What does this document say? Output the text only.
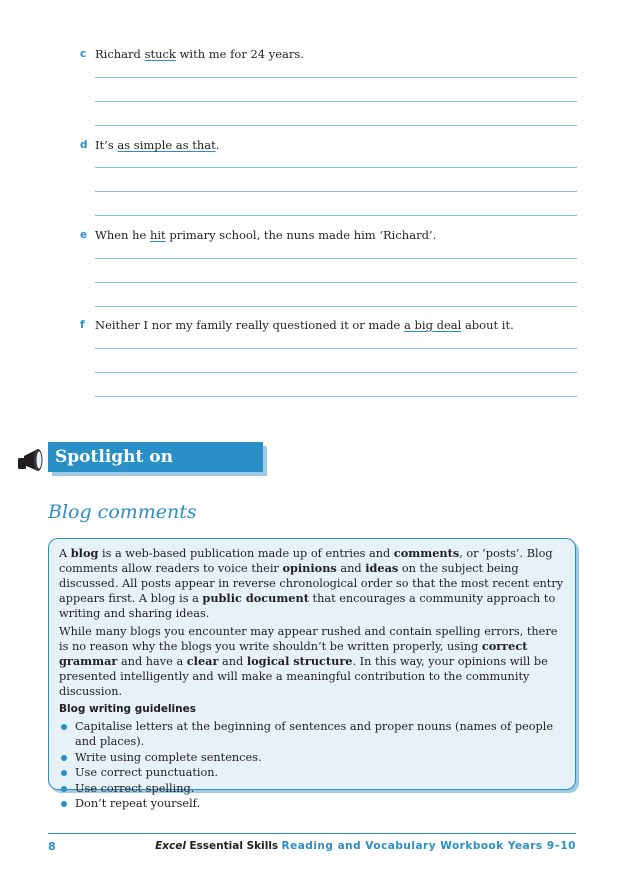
c Richard stuck with me for 24 years.
d It’s as simple as that.
e When he hit primary school, the nuns made him ‘Richard’.
f Neither I nor my family really questioned it or made a big deal about it.
Spotlight on language
Blog comments

A blog is a web-based publication made up of entries and comments, or ‘posts’. Blog comments allow readers to voice their opinions and ideas on the subject being discussed. All posts appear in reverse chronological order so that the most recent entry appears first. A blog is a public document that encourages a community approach to writing and sharing ideas.

While many blogs you encounter may appear rushed and contain spelling errors, there is no reason why the blogs you write shouldn’t be written properly, using correct grammar and have a clear and logical structure. In this way, your opinions will be presented intelligently and will make a meaningful contribution to the community discussion.

Blog writing guidelines
Capitalise letters at the beginning of sentences and proper nouns (names of people and places).
Write using complete sentences.
Use correct punctuation.
Use correct spelling.
Don’t repeat yourself.
8	Excel Essential Skills Reading and Vocabulary Workbook Years 9–10
